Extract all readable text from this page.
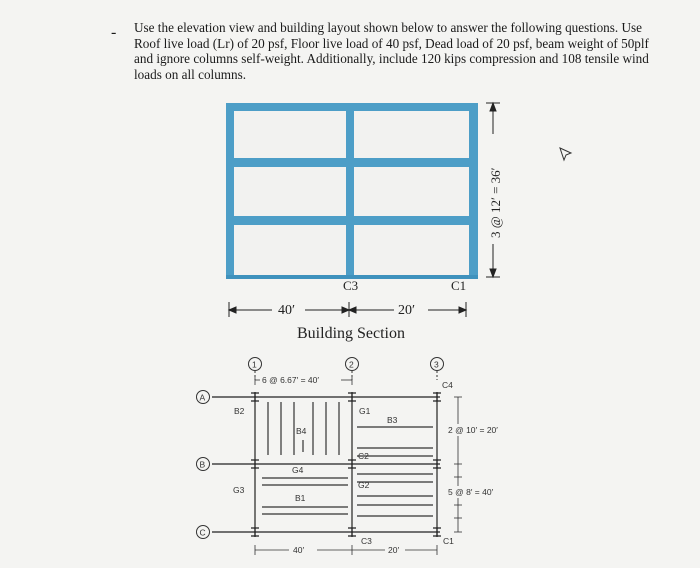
- Use the elevation view and building layout shown below to answer the following questions. Use Roof live load (Lr) of 20 psf, Floor live load of 40 psf, Dead load of 20 psf, beam weight of 50plf and ignore columns self-weight. Additionally, include 120 kips compression and 108 tensile wind loads on all columns.

3 @ 12′ = 36′
C3	C1
40′	20′
Building Section
1	2	3
A
B
C
6 @ 6.67′ = 40′
B2
B4
G1
B3
C2
G4
G2
G3
B1
C3
C4
C1
2 @ 10′ = 20′
5 @ 8′ = 40′
40′	20′
